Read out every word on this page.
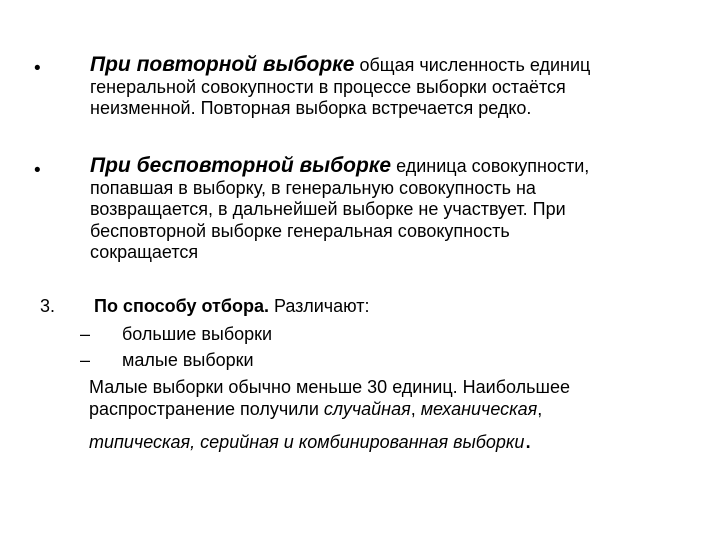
• При повторной выборке общая численность единиц
генеральной совокупности в процессе выборки остаётся
неизменной. Повторная выборка встречается редко.
• При бесповторной выборке единица совокупности,
попавшая в выборку, в генеральную совокупность на
возвращается, в дальнейшей выборке не участвует. При
бесповторной выборке генеральная совокупность
сокращается
3. По способу отбора. Различают:
– большие выборки
– малые выборки
Малые выборки обычно меньше 30 единиц. Наибольшее
распространение получили случайная, механическая,
типическая, серийная и комбинированная выборки.
